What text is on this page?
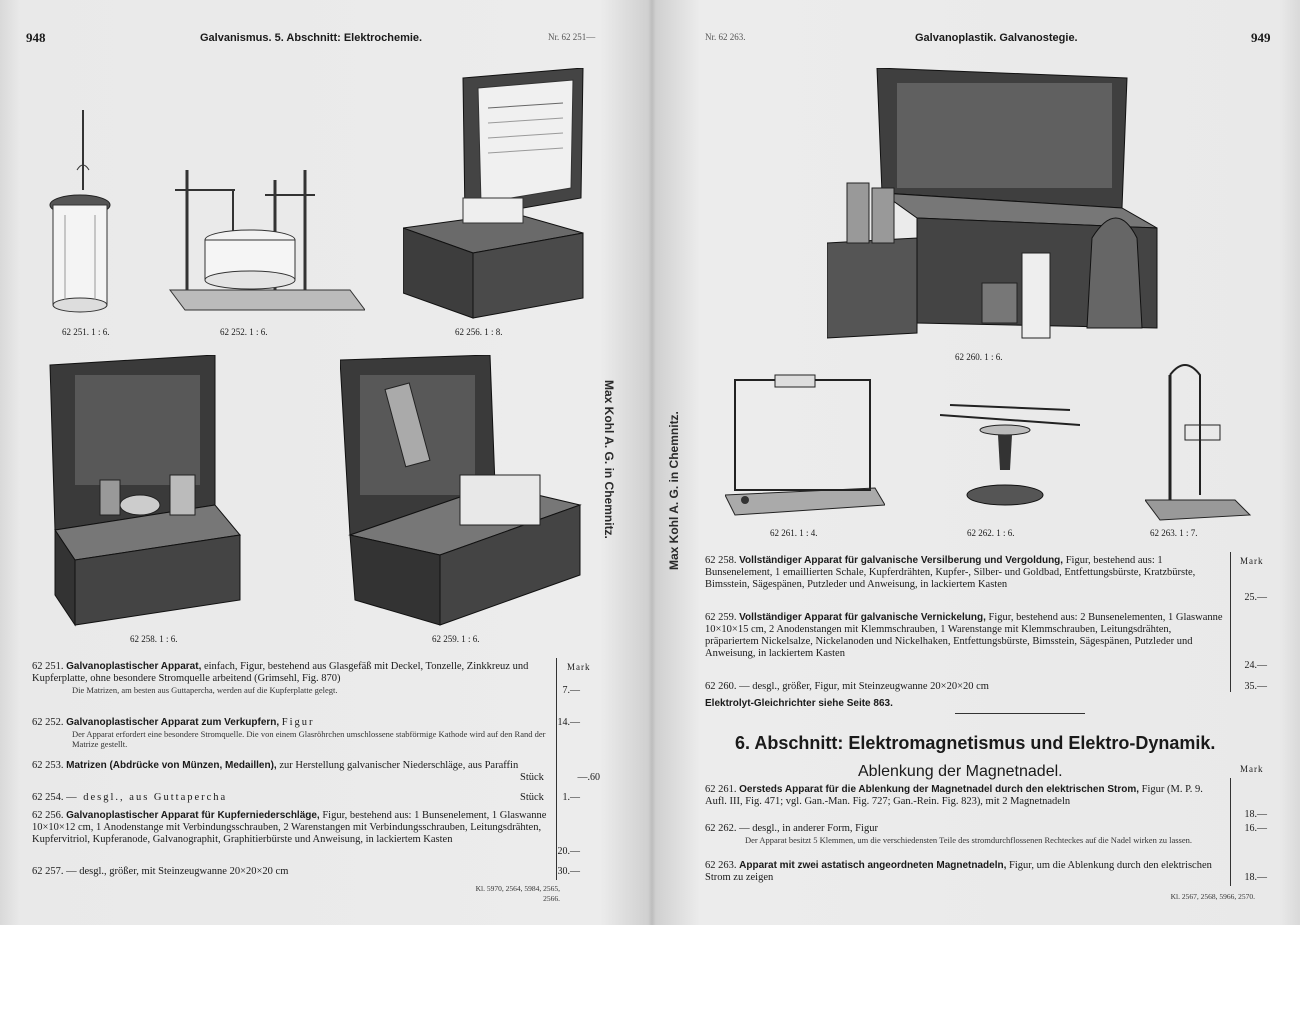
948	Galvanismus. 5. Abschnitt: Elektrochemie.	Nr. 62 251—
62 251. 1 : 6.	62 252. 1 : 6.	62 256. 1 : 8.
62 258. 1 : 6.	62 259. 1 : 6.
Mark
62 251. Galvanoplastischer Apparat, einfach, Figur, bestehend aus Glasgefäß mit Deckel, Tonzelle, Zinkkreuz und Kupferplatte, ohne besondere Stromquelle arbeitend (Grimsehl, Fig. 870)
Die Matrizen, am besten aus Guttapercha, werden auf die Kupferplatte gelegt.	7.—
62 252. Galvanoplastischer Apparat zum Verkupfern, Figur
Der Apparat erfordert eine besondere Stromquelle. Die von einem Glasröhrchen umschlossene stabförmige Kathode wird auf den Rand der Matrize gestellt.
14.—
62 253. Matrizen (Abdrücke von Münzen, Medaillen), zur Herstellung galvanischer Niederschläge, aus Paraffin
Stück	—.60
62 254. — desgl., aus Guttapercha	Stück	1.—
62 256. Galvanoplastischer Apparat für Kupferniederschläge, Figur, bestehend aus: 1 Bunsenelement, 1 Glaswanne 10×10×12 cm, 1 Anodenstange mit Verbindungsschrauben, 2 Warenstangen mit Verbindungsschrauben, Leitungsdrähten, Kupfervitriol, Kupferanode, Galvanographit, Graphitierbürste und Anweisung, in lackiertem Kasten
20.—
62 257. — desgl., größer, mit Steinzeugwanne 20×20×20 cm	30.—
Kl. 5970, 2564, 5984, 2565, 2566.
Max Kohl A. G. in Chemnitz.
Nr. 62 263.	Galvanoplastik. Galvanostegie.	949
Max Kohl A. G. in Chemnitz.
62 260. 1 : 6.
62 261. 1 : 4.	62 262. 1 : 6.	62 263. 1 : 7.
Mark
62 258. Vollständiger Apparat für galvanische Versilberung und Vergoldung, Figur, bestehend aus: 1 Bunsenelement, 1 emaillierten Schale, Kupferdrähten, Kupfer-, Silber- und Goldbad, Entfettungsbürste, Kratzbürste, Bimsstein, Sägespänen, Putzleder und Anweisung, in lackiertem Kasten
25.—
62 259. Vollständiger Apparat für galvanische Vernickelung, Figur, bestehend aus: 2 Bunsenelementen, 1 Glaswanne 10×10×15 cm, 2 Anodenstangen mit Klemmschrauben, 1 Warenstange mit Klemmschrauben, Leitungsdrähten, präpariertem Nickelsalze, Nickelanoden und Nickelhaken, Entfettungsbürste, Bimsstein, Sägespänen, Putzleder und Anweisung, in lackiertem Kasten
24.—
62 260. — desgl., größer, Figur, mit Steinzeugwanne 20×20×20 cm	35.—
Elektrolyt-Gleichrichter siehe Seite 863.
6. Abschnitt: Elektromagnetismus und Elektro-Dynamik.
Ablenkung der Magnetnadel.	Mark
62 261. Oersteds Apparat für die Ablenkung der Magnetnadel durch den elektrischen Strom, Figur (M. P. 9. Aufl. III, Fig. 471; vgl. Gan.-Man. Fig. 727; Gan.-Rein. Fig. 823), mit 2 Magnetnadeln
18.—
62 262. — desgl., in anderer Form, Figur
Der Apparat besitzt 5 Klemmen, um die verschiedensten Teile des stromdurchflossenen Rechteckes auf die Nadel wirken zu lassen.
16.—
62 263. Apparat mit zwei astatisch angeordneten Magnetnadeln, Figur, um die Ablenkung durch den elektrischen Strom zu zeigen	18.—
Kl. 2567, 2568, 5966, 2570.
